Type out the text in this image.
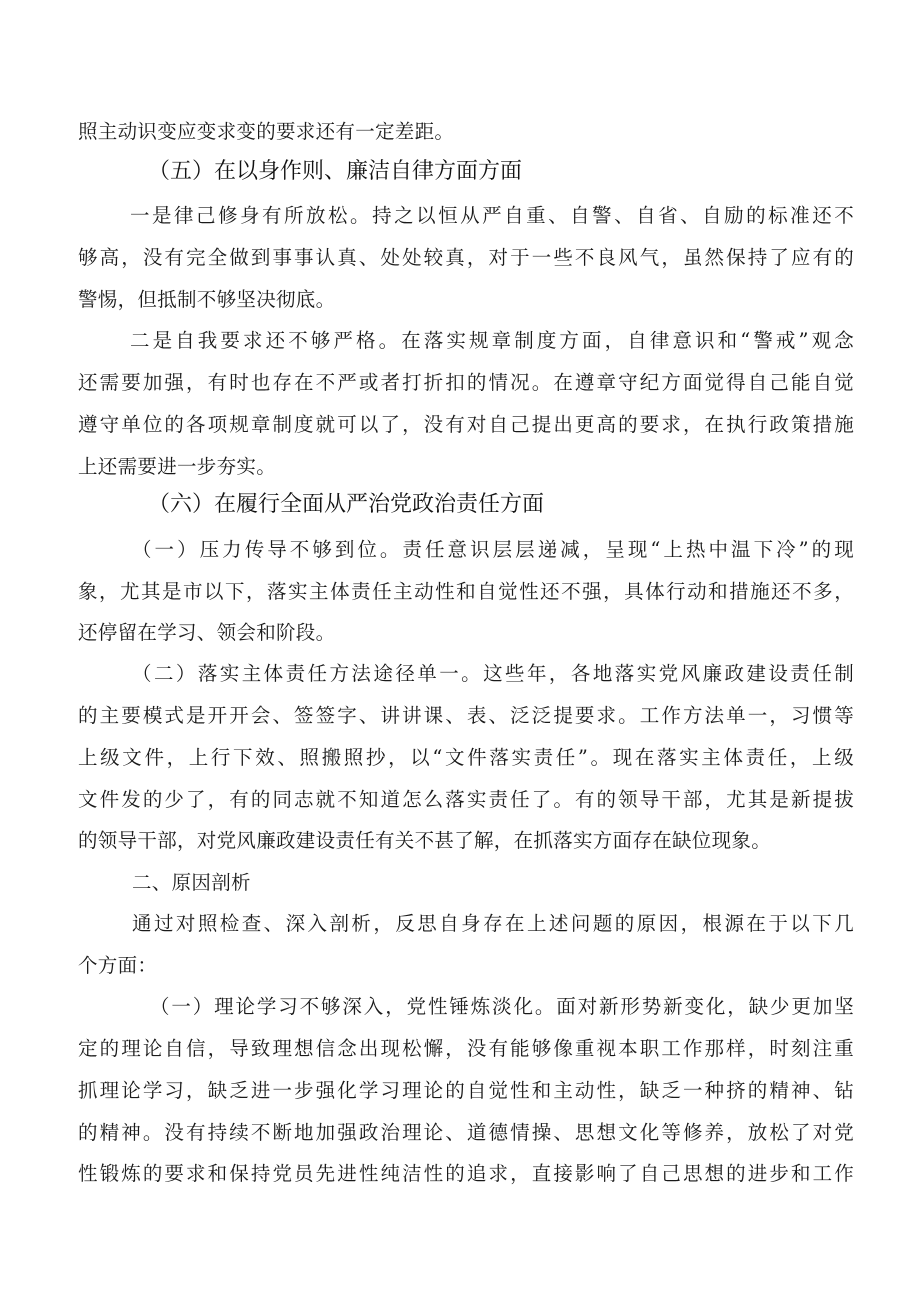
照主动识变应变求变的要求还有一定差距。
（五）在以身作则、廉洁自律方面方面
一是律己修身有所放松。持之以恒从严自重、自警、自省、自励的标准还不
够高，没有完全做到事事认真、处处较真，对于一些不良风气，虽然保持了应有的
警惕，但抵制不够坚决彻底。
二是自我要求还不够严格。在落实规章制度方面，自律意识和“警戒”观念
还需要加强，有时也存在不严或者打折扣的情况。在遵章守纪方面觉得自己能自觉
遵守单位的各项规章制度就可以了，没有对自己提出更高的要求，在执行政策措施
上还需要进一步夯实。
（六）在履行全面从严治党政治责任方面
（一）压力传导不够到位。责任意识层层递减，呈现“上热中温下冷”的现
象，尤其是市以下，落实主体责任主动性和自觉性还不强，具体行动和措施还不多，
还停留在学习、领会和阶段。
（二）落实主体责任方法途径单一。这些年，各地落实党风廉政建设责任制
的主要模式是开开会、签签字、讲讲课、表、泛泛提要求。工作方法单一，习惯等
上级文件，上行下效、照搬照抄，以“文件落实责任”。现在落实主体责任，上级
文件发的少了，有的同志就不知道怎么落实责任了。有的领导干部，尤其是新提拔
的领导干部，对党风廉政建设责任有关不甚了解，在抓落实方面存在缺位现象。
二、原因剖析
通过对照检查、深入剖析，反思自身存在上述问题的原因，根源在于以下几
个方面：
（一）理论学习不够深入，党性锤炼淡化。面对新形势新变化，缺少更加坚
定的理论自信，导致理想信念出现松懈，没有能够像重视本职工作那样，时刻注重
抓理论学习，缺乏进一步强化学习理论的自觉性和主动性，缺乏一种挤的精神、钻
的精神。没有持续不断地加强政治理论、道德情操、思想文化等修养，放松了对党
性锻炼的要求和保持党员先进性纯洁性的追求，直接影响了自己思想的进步和工作
